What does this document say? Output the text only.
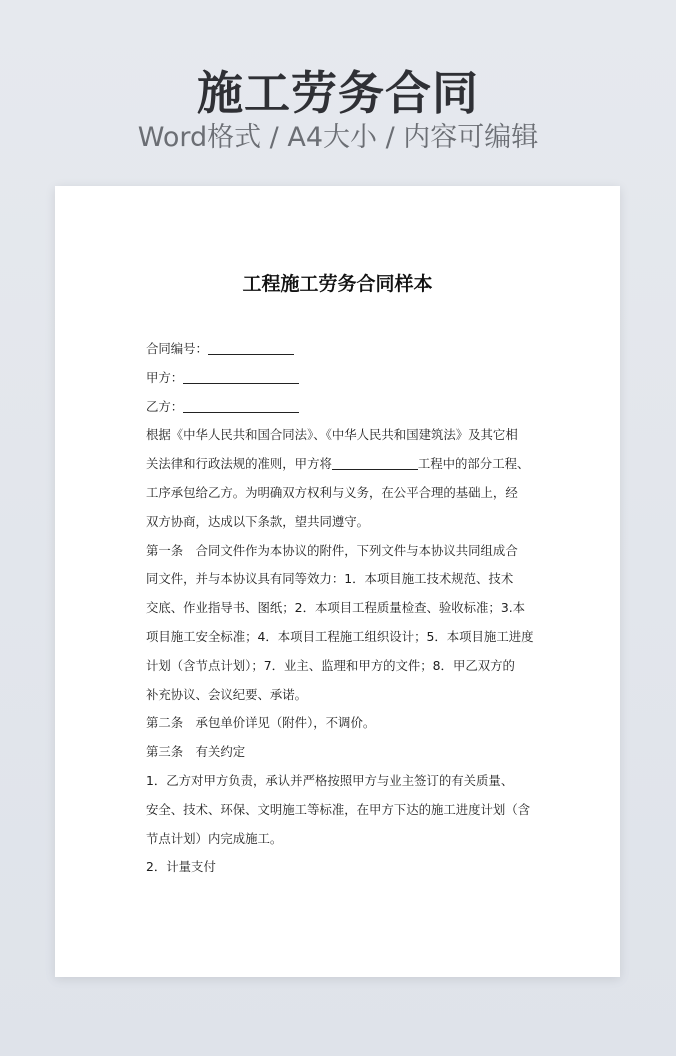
施工劳务合同

Word格式 / A4大小 / 内容可编辑

工程施工劳务合同样本
合同编号：
甲方：
乙方：
根据《中华人民共和国合同法》、《中华人民共和国建筑法》及其它相
关法律和行政法规的准则，甲方将	工程中的部分工程、
工序承包给乙方。为明确双方权利与义务，在公平合理的基础上，经
双方协商，达成以下条款，望共同遵守。
第一条　合同文件作为本协议的附件，下列文件与本协议共同组成合
同文件，并与本协议具有同等效力：1．本项目施工技术规范、技术
交底、作业指导书、图纸；2．本项目工程质量检查、验收标准；3.本
项目施工安全标准；4．本项目工程施工组织设计；5．本项目施工进度
计划（含节点计划）；7．业主、监理和甲方的文件；8．甲乙双方的
补充协议、会议纪要、承诺。
第二条　承包单价详见（附件），不调价。
第三条　有关约定
1．乙方对甲方负责，承认并严格按照甲方与业主签订的有关质量、
安全、技术、环保、文明施工等标准，在甲方下达的施工进度计划（含
节点计划）内完成施工。
2．计量支付
